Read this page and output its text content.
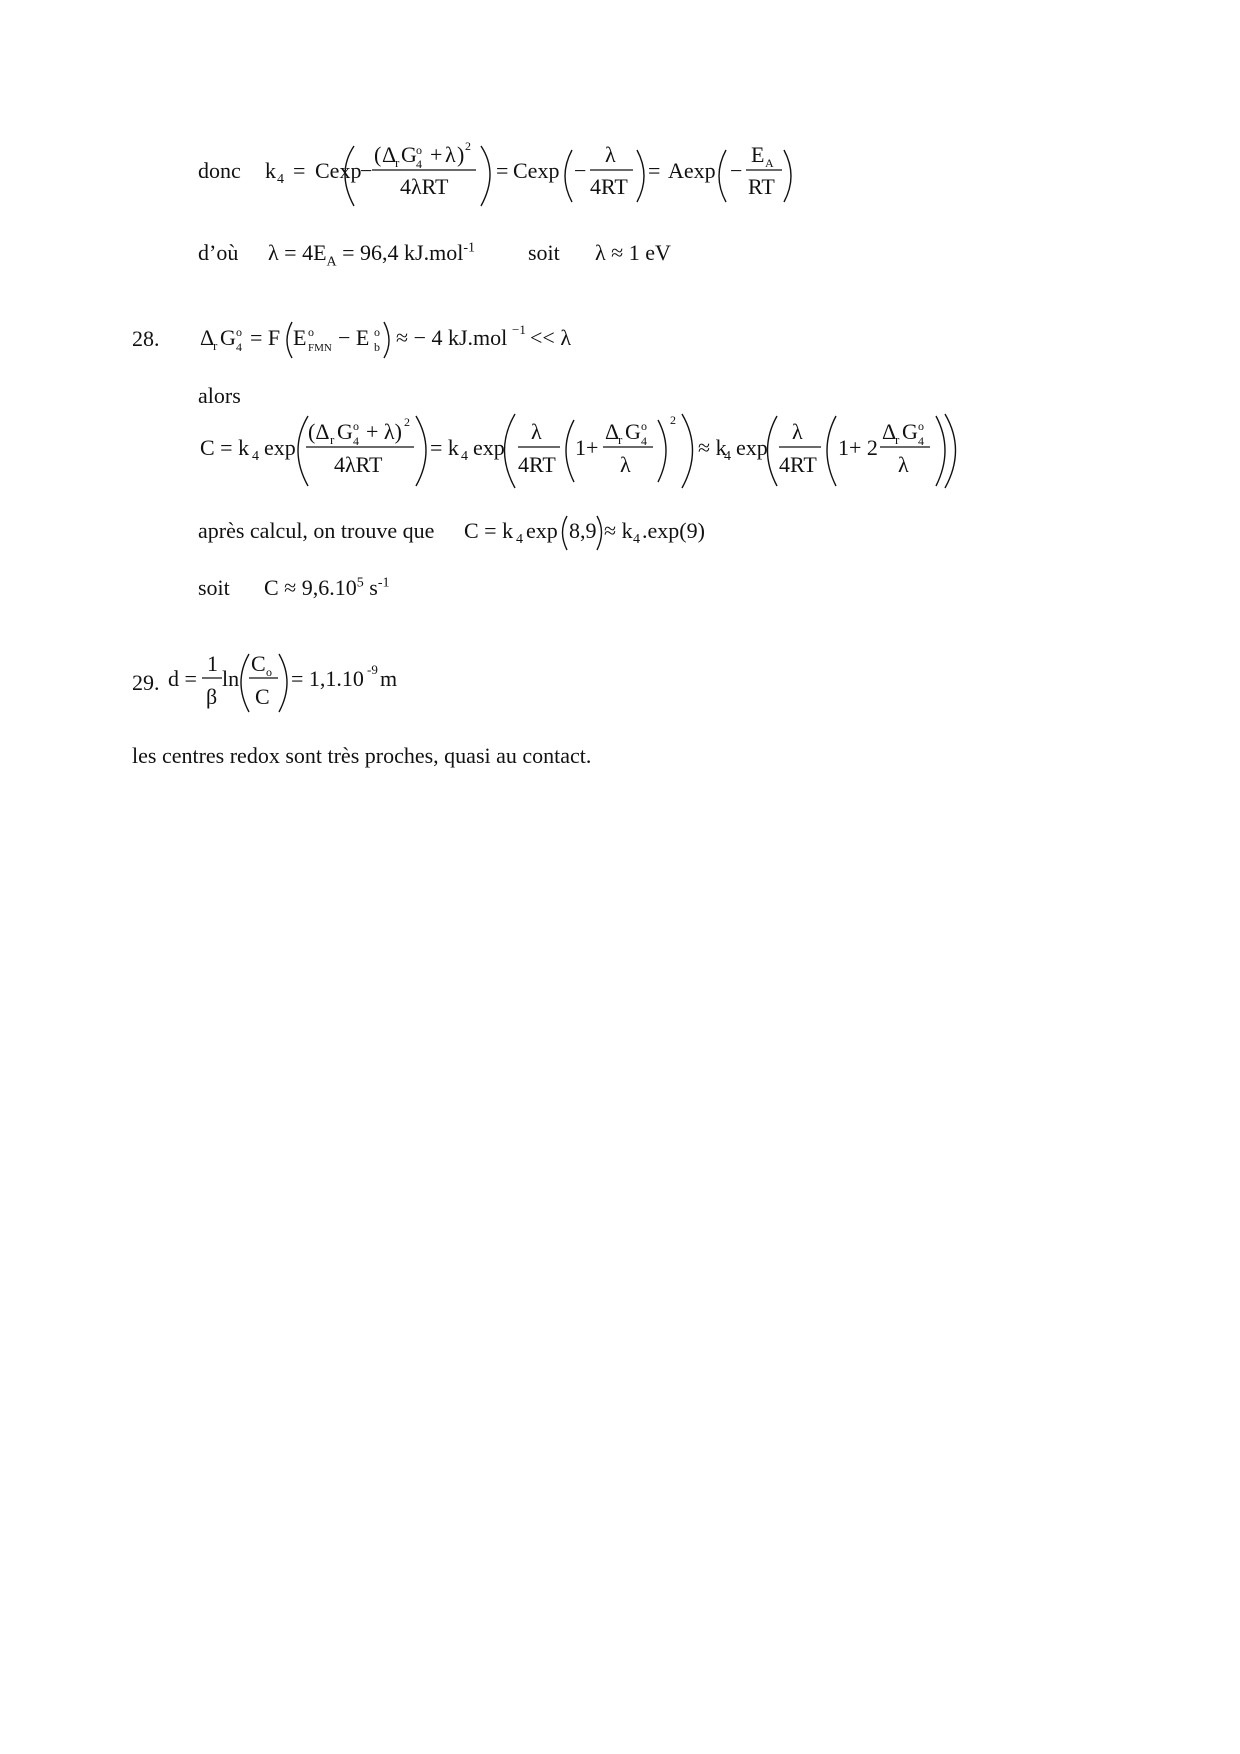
donc k 4 = Cexp
−
( Δ
r G o
4 + λ ) 2
4λRT
= Cexp −
λ
4RT
= Aexp −
E A
RT
d’où $\lambda = 4E_A = 96,4$ kJ.mol$^{-1}$ soit λ ≈ 1 eV
28. Δ
r G o
4 = F E o
FMN − E o
b ≈ − 4 kJ.mol −1 << λ
alors
C = k 4 exp
(Δ r G o
4 + λ) 2
4λRT
= k 4 exp
λ
4RT
1+
Δ
r G o
4
λ
2
≈ k
4 exp
λ
4RT
1+ 2
Δ
r G o
4
λ
après calcul, on trouve que C = k 4 exp 8,9 ≈ k 4 .exp(9)
soit $C \approx 9,6.10^5$ $s^{-1}$
29. d =
1
β
ln
C o
C
= 1,1.10 -9 m
les centres redox sont très proches, quasi au contact.
